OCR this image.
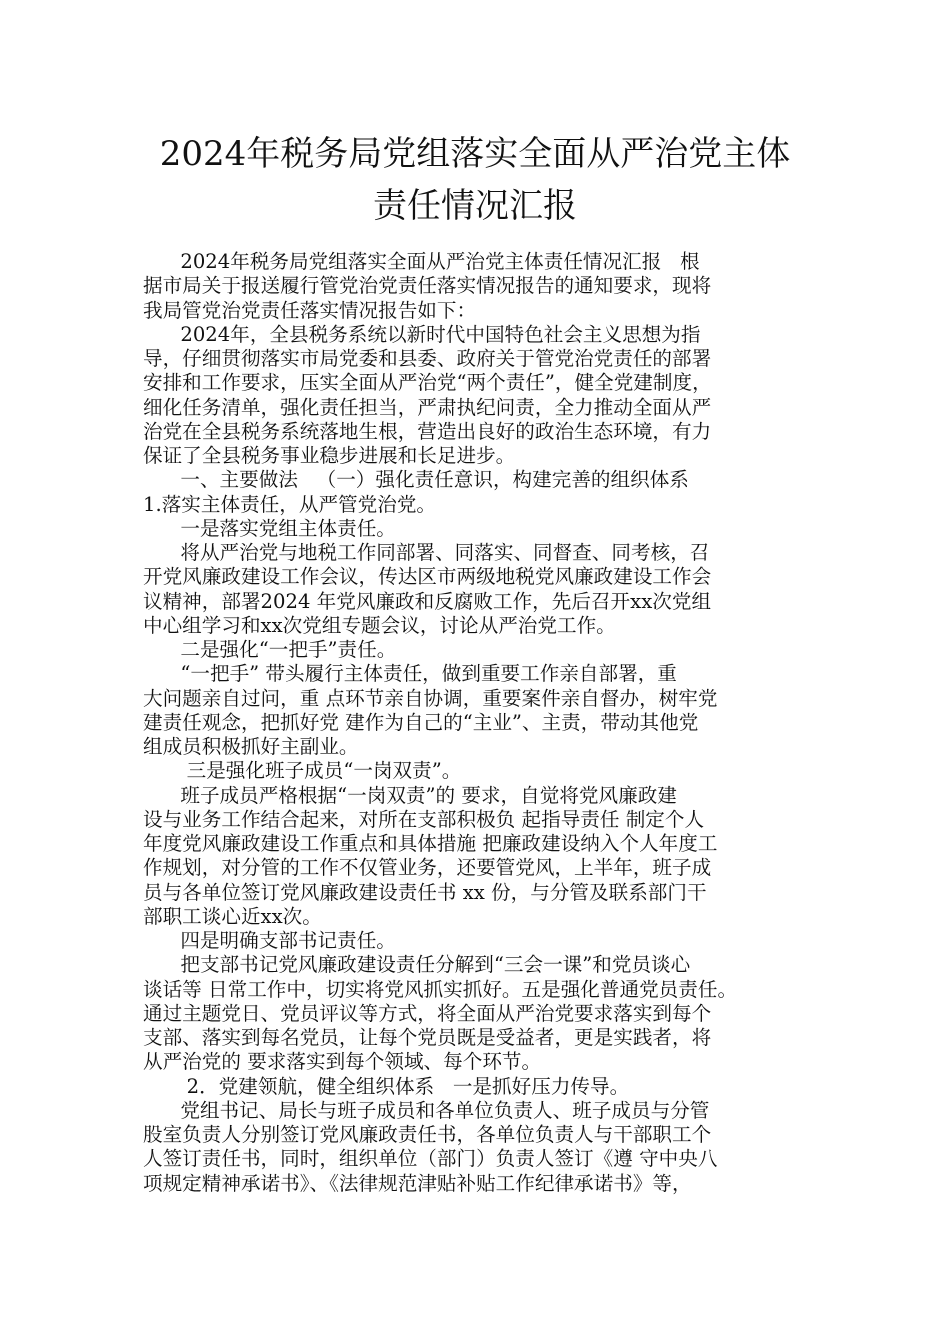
2024年税务局党组落实全面从严治党主体
责任情况汇报
2024年税务局党组落实全面从严治党主体责任情况汇报   根
据市局关于报送履行管党治党责任落实情况报告的通知要求，现将
我局管党治党责任落实情况报告如下：
2024年，全县税务系统以新时代中国特色社会主义思想为指
导，仔细贯彻落实市局党委和县委、政府关于管党治党责任的部署
安排和工作要求，压实全面从严治党“两个责任”，健全党建制度，
细化任务清单，强化责任担当，严肃执纪问责，全力推动全面从严
治党在全县税务系统落地生根，营造出良好的政治生态环境，有力
保证了全县税务事业稳步进展和长足进步。
一、主要做法   （一）强化责任意识，构建完善的组织体系
1.落实主体责任，从严管党治党。
一是落实党组主体责任。
将从严治党与地税工作同部署、同落实、同督查、同考核，召
开党风廉政建设工作会议，传达区市两级地税党风廉政建设工作会
议精神，部署2024 年党风廉政和反腐败工作，先后召开xx次党组
中心组学习和xx次党组专题会议，讨论从严治党工作。
二是强化“一把手”责任。
“一把手” 带头履行主体责任，做到重要工作亲自部署，重
大问题亲自过问，重 点环节亲自协调，重要案件亲自督办，树牢党
建责任观念，把抓好党 建作为自己的“主业”、主责，带动其他党
组成员积极抓好主副业。
三是强化班子成员“一岗双责”。
班子成员严格根据“一岗双责”的 要求，自觉将党风廉政建
设与业务工作结合起来，对所在支部积极负 起指导责任 制定个人
年度党风廉政建设工作重点和具体措施 把廉政建设纳入个人年度工
作规划，对分管的工作不仅管业务，还要管党风，上半年，班子成
员与各单位签订党风廉政建设责任书 xx 份，与分管及联系部门干
部职工谈心近xx次。
四是明确支部书记责任。
把支部书记党风廉政建设责任分解到“三会一课”和党员谈心
谈话等 日常工作中，切实将党风抓实抓好。五是强化普通党员责任。
通过主题党日、党员评议等方式，将全面从严治党要求落实到每个
支部、落实到每名党员，让每个党员既是受益者，更是实践者，将
从严治党的 要求落实到每个领域、每个环节。
2．党建领航，健全组织体系   一是抓好压力传导。
党组书记、局长与班子成员和各单位负责人、班子成员与分管
股室负责人分别签订党风廉政责任书，各单位负责人与干部职工个
人签订责任书，同时，组织单位（部门）负责人签订《遵 守中央八
项规定精神承诺书》、《法律规范津贴补贴工作纪律承诺书》等，
